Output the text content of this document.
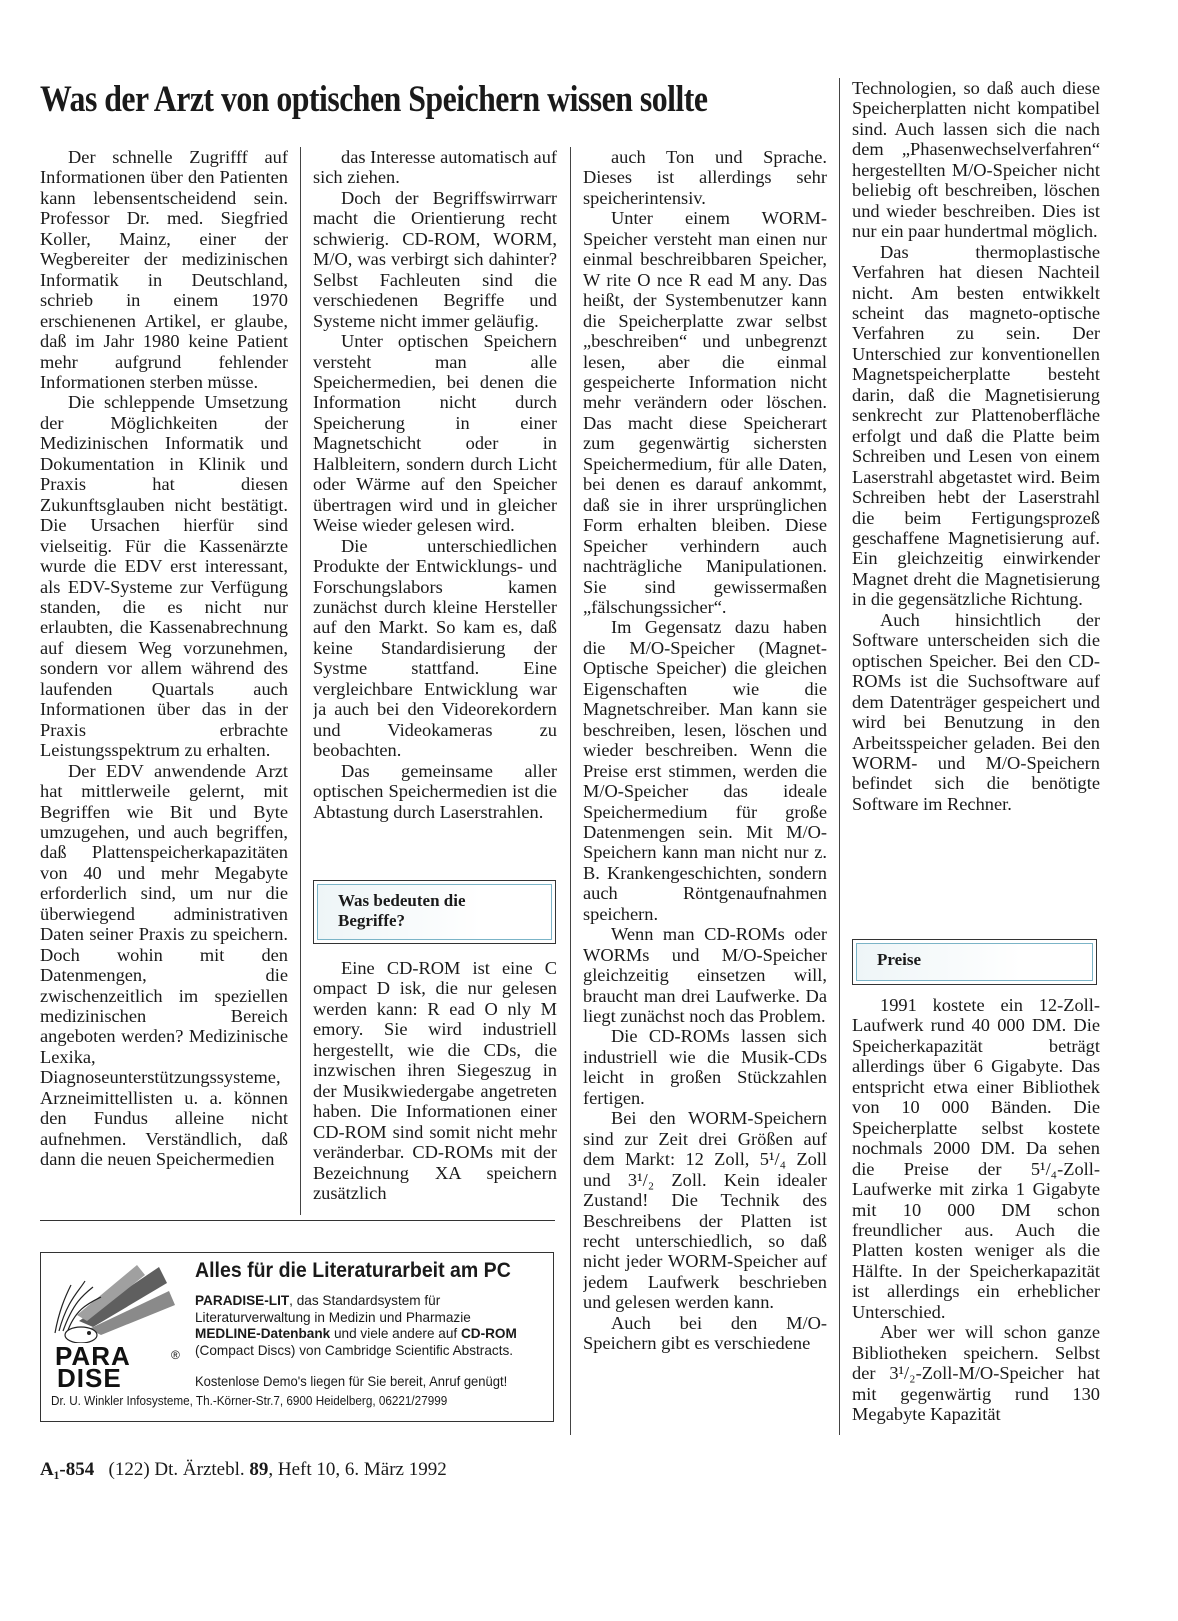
Was der Arzt von optischen Speichern wissen sollte

Der schnelle Zugrifff auf Informationen über den Patienten kann lebensentscheidend sein. Professor Dr. med. Siegfried Koller, Mainz, einer der Wegbereiter der medizinischen Informatik in Deutschland, schrieb in einem 1970 erschienenen Artikel, er glaube, daß im Jahr 1980 keine Patient mehr aufgrund fehlender Informationen sterben müsse.

Die schleppende Umsetzung der Möglichkeiten der Medizinischen Informatik und Dokumentation in Klinik und Praxis hat diesen Zukunftsglauben nicht bestätigt. Die Ursachen hierfür sind vielseitig. Für die Kassenärzte wurde die EDV erst interessant, als EDV-Systeme zur Verfügung standen, die es nicht nur erlaubten, die Kassenabrechnung auf diesem Weg vorzunehmen, sondern vor allem während des laufenden Quartals auch Informationen über das in der Praxis erbrachte Leistungsspektrum zu erhalten.

Der EDV anwendende Arzt hat mittlerweile gelernt, mit Begriffen wie Bit und Byte umzugehen, und auch begriffen, daß Plattenspeicherkapazitäten von 40 und mehr Megabyte erforderlich sind, um nur die überwiegend administrativen Daten seiner Praxis zu speichern. Doch wohin mit den Datenmengen, die zwischenzeitlich im speziellen medizinischen Bereich angeboten werden? Medizinische Lexika, Diagnoseunterstützungssysteme, Arzneimittellisten u. a. können den Fundus alleine nicht aufnehmen. Verständlich, daß dann die neuen Speichermedien

das Interesse automatisch auf sich ziehen.

Doch der Begriffswirrwarr macht die Orientierung recht schwierig. CD-ROM, WORM, M/O, was verbirgt sich dahinter? Selbst Fachleuten sind die verschiedenen Begriffe und Systeme nicht immer geläufig.

Unter optischen Speichern versteht man alle Speichermedien, bei denen die Information nicht durch Speicherung in einer Magnetschicht oder in Halbleitern, sondern durch Licht oder Wärme auf den Speicher übertragen wird und in gleicher Weise wieder gelesen wird.

Die unterschiedlichen Produkte der Entwicklungs- und Forschungslabors kamen zunächst durch kleine Hersteller auf den Markt. So kam es, daß keine Standardisierung der Systme stattfand. Eine vergleichbare Entwicklung war ja auch bei den Videorekordern und Videokameras zu beobachten.

Das gemeinsame aller optischen Speichermedien ist die Abtastung durch Laserstrahlen.

Was bedeuten die Begriffe?

Eine CD-ROM ist eine C ompact D isk, die nur gelesen werden kann: R ead O nly M emory. Sie wird industriell hergestellt, wie die CDs, die inzwischen ihren Siegeszug in der Musikwiedergabe angetreten haben. Die Informationen einer CD-ROM sind somit nicht mehr veränderbar. CD-ROMs mit der Bezeichnung XA speichern zusätzlich

auch Ton und Sprache. Dieses ist allerdings sehr speicherintensiv.

Unter einem WORM-Speicher versteht man einen nur einmal beschreibbaren Speicher, W rite O nce R ead M any. Das heißt, der Systembenutzer kann die Speicherplatte zwar selbst „beschreiben“ und unbegrenzt lesen, aber die einmal gespeicherte Information nicht mehr verändern oder löschen. Das macht diese Speicherart zum gegenwärtig sichersten Speichermedium, für alle Daten, bei denen es darauf ankommt, daß sie in ihrer ursprünglichen Form erhalten bleiben. Diese Speicher verhindern auch nachträgliche Manipulationen. Sie sind gewissermaßen „fälschungssicher“.

Im Gegensatz dazu haben die M/O-Speicher (Magnet-Optische Speicher) die gleichen Eigenschaften wie die Magnetschreiber. Man kann sie beschreiben, lesen, löschen und wieder beschreiben. Wenn die Preise erst stimmen, werden die M/O-Speicher das ideale Speichermedium für große Datenmengen sein. Mit M/O-Speichern kann man nicht nur z. B. Krankengeschichten, sondern auch Röntgenaufnahmen speichern.

Wenn man CD-ROMs oder WORMs und M/O-Speicher gleichzeitig einsetzen will, braucht man drei Laufwerke. Da liegt zunächst noch das Problem.

Die CD-ROMs lassen sich industriell wie die Musik-CDs leicht in großen Stückzahlen fertigen.

Bei den WORM-Speichern sind zur Zeit drei Größen auf dem Markt: 12 Zoll, 5¹/₄ Zoll und 3¹/₂ Zoll. Kein idealer Zustand! Die Technik des Beschreibens der Platten ist recht unterschiedlich, so daß nicht jeder WORM-Speicher auf jedem Laufwerk beschrieben und gelesen werden kann.

Auch bei den M/O-Speichern gibt es verschiedene

Technologien, so daß auch diese Speicherplatten nicht kompatibel sind. Auch lassen sich die nach dem „Phasenwechselverfahren“ hergestellten M/O-Speicher nicht beliebig oft beschreiben, löschen und wieder beschreiben. Dies ist nur ein paar hundertmal möglich.

Das thermoplastische Verfahren hat diesen Nachteil nicht. Am besten entwikkelt scheint das magneto-optische Verfahren zu sein. Der Unterschied zur konventionellen Magnetspeicherplatte besteht darin, daß die Magnetisierung senkrecht zur Plattenoberfläche erfolgt und daß die Platte beim Schreiben und Lesen von einem Laserstrahl abgetastet wird. Beim Schreiben hebt der Laserstrahl die beim Fertigungsprozeß geschaffene Magnetisierung auf. Ein gleichzeitig einwirkender Magnet dreht die Magnetisierung in die gegensätzliche Richtung.

Auch hinsichtlich der Software unterscheiden sich die optischen Speicher. Bei den CD-ROMs ist die Suchsoftware auf dem Datenträger gespeichert und wird bei Benutzung in den Arbeitsspeicher geladen. Bei den WORM- und M/O-Speichern befindet sich die benötigte Software im Rechner.

Preise

1991 kostete ein 12-Zoll-Laufwerk rund 40 000 DM. Die Speicherkapazität beträgt allerdings über 6 Gigabyte. Das entspricht etwa einer Bibliothek von 10 000 Bänden. Die Speicherplatte selbst kostete nochmals 2000 DM. Da sehen die Preise der 5¹/₄-Zoll-Laufwerke mit zirka 1 Gigabyte mit 10 000 DM schon freundlicher aus. Auch die Platten kosten weniger als die Hälfte. In der Speicherkapazität ist allerdings ein erheblicher Unterschied.

Aber wer will schon ganze Bibliotheken speichern. Selbst der 3¹/₂-Zoll-M/O-Speicher hat mit gegenwärtig rund 130 Megabyte Kapazität

PARA
DISE
®
Alles für die Literaturarbeit am PC

PARADISE-LIT, das Standardsystem für Literaturverwaltung in Medizin und Pharmazie

MEDLINE-Datenbank und viele andere auf CD-ROM (Compact Discs) von Cambridge Scientific Abstracts.

Kostenlose Demo's liegen für Sie bereit, Anruf genügt!
Dr. U. Winkler Infosysteme, Th.-Körner-Str.7, 6900 Heidelberg, 06221/27999
A₁-854 (122) Dt. Ärztebl. 89, Heft 10, 6. März 1992
